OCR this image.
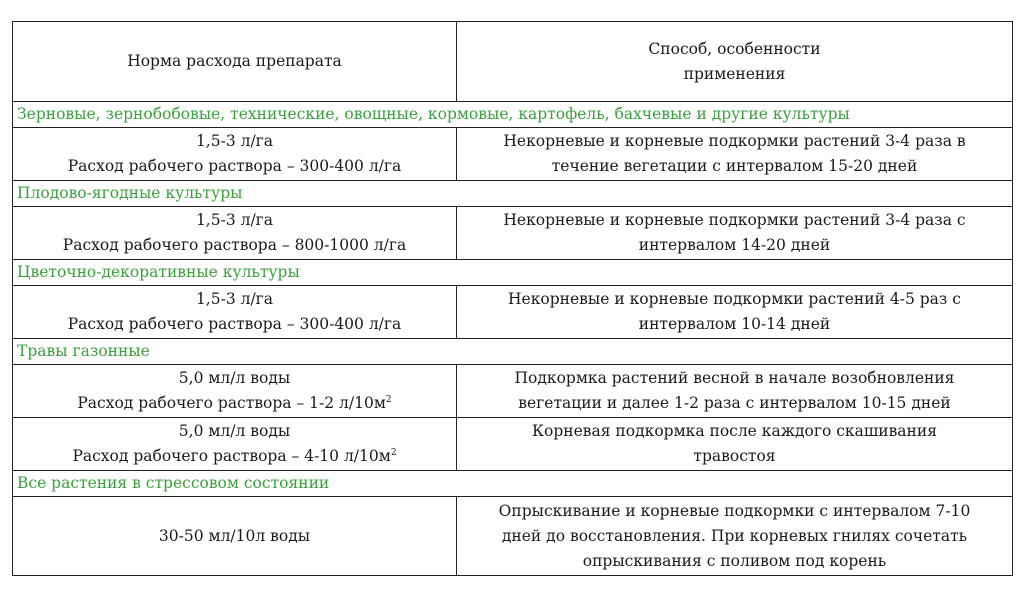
Норма расхода препарата	Способ, особенности
применения

Зерновые, зернобобовые, технические, овощные, кормовые, картофель, бахчевые и другие культуры	

1,5-3 л/га
Расход рабочего раствора – 300-400 л/га	Некорневые и корневые подкормки растений 3-4 раза в
течение вегетации с интервалом 15-20 дней

Плодово-ягодные культуры	

1,5-3 л/га
Расход рабочего раствора – 800-1000 л/га	Некорневые и корневые подкормки растений 3-4 раза с
интервалом 14-20 дней

Цветочно-декоративные культуры	

1,5-3 л/га
Расход рабочего раствора – 300-400 л/га	Некорневые и корневые подкормки растений 4-5 раз с
интервалом 10-14 дней

Травы газонные	

5,0 мл/л воды
Расход рабочего раствора – 1-2 $л/10м^2$	Подкормка растений весной в начале возобновления
вегетации и далее 1-2 раза с интервалом 10-15 дней

5,0 мл/л воды
Расход рабочего раствора – 4-10 $л/10м^2$	Корневая подкормка после каждого скашивания
травостоя

Все растения в стрессовом состоянии	

30-50 мл/10л воды	Опрыскивание и корневые подкормки с интервалом 7-10
дней до восстановления. При корневых гнилях сочетать
опрыскивания с поливом под корень
